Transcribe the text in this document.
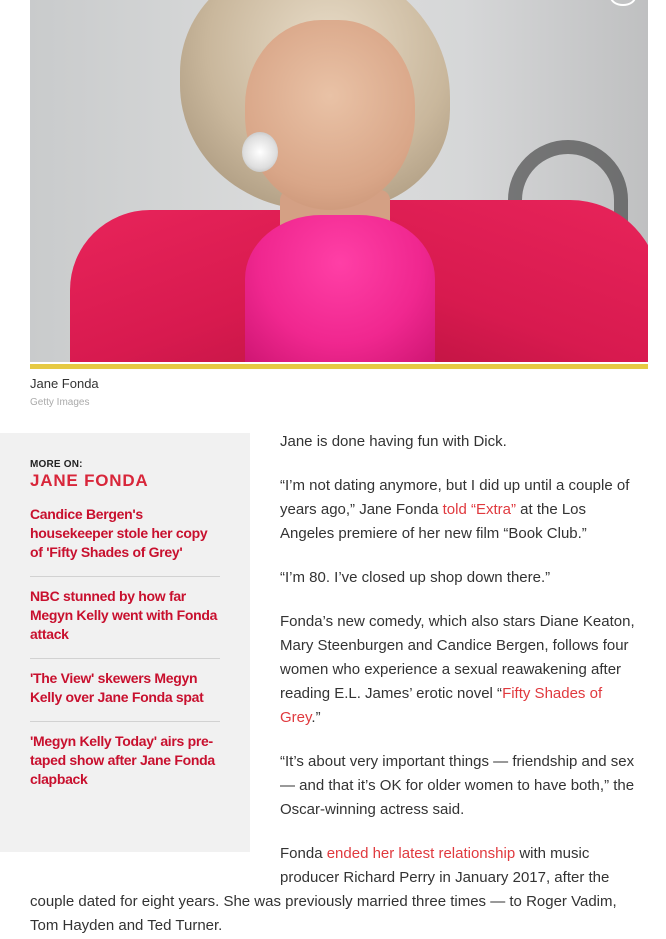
Jane Fonda
Getty Images
MORE ON:
JANE FONDA
Candice Bergen's housekeeper stole her copy of 'Fifty Shades of Grey'
NBC stunned by how far Megyn Kelly went with Fonda attack
'The View' skewers Megyn Kelly over Jane Fonda spat
'Megyn Kelly Today' airs pre-taped show after Jane Fonda clapback

Jane is done having fun with Dick.

“I’m not dating anymore, but I did up until a couple of years ago,” Jane Fonda told “Extra” at the Los Angeles premiere of her new film “Book Club.”

“I’m 80. I’ve closed up shop down there.”

Fonda’s new comedy, which also stars Diane Keaton, Mary Steenburgen and Candice Bergen, follows four women who experience a sexual reawakening after reading E.L. James’ erotic novel “Fifty Shades of Grey.”

“It’s about very important things — friendship and sex — and that it’s OK for older women to have both,” the Oscar-winning actress said.

Fonda ended her latest relationship with music producer Richard Perry in January 2017, after the
couple dated for eight years. She was previously married three times — to Roger Vadim, Tom Hayden and Ted Turner.
